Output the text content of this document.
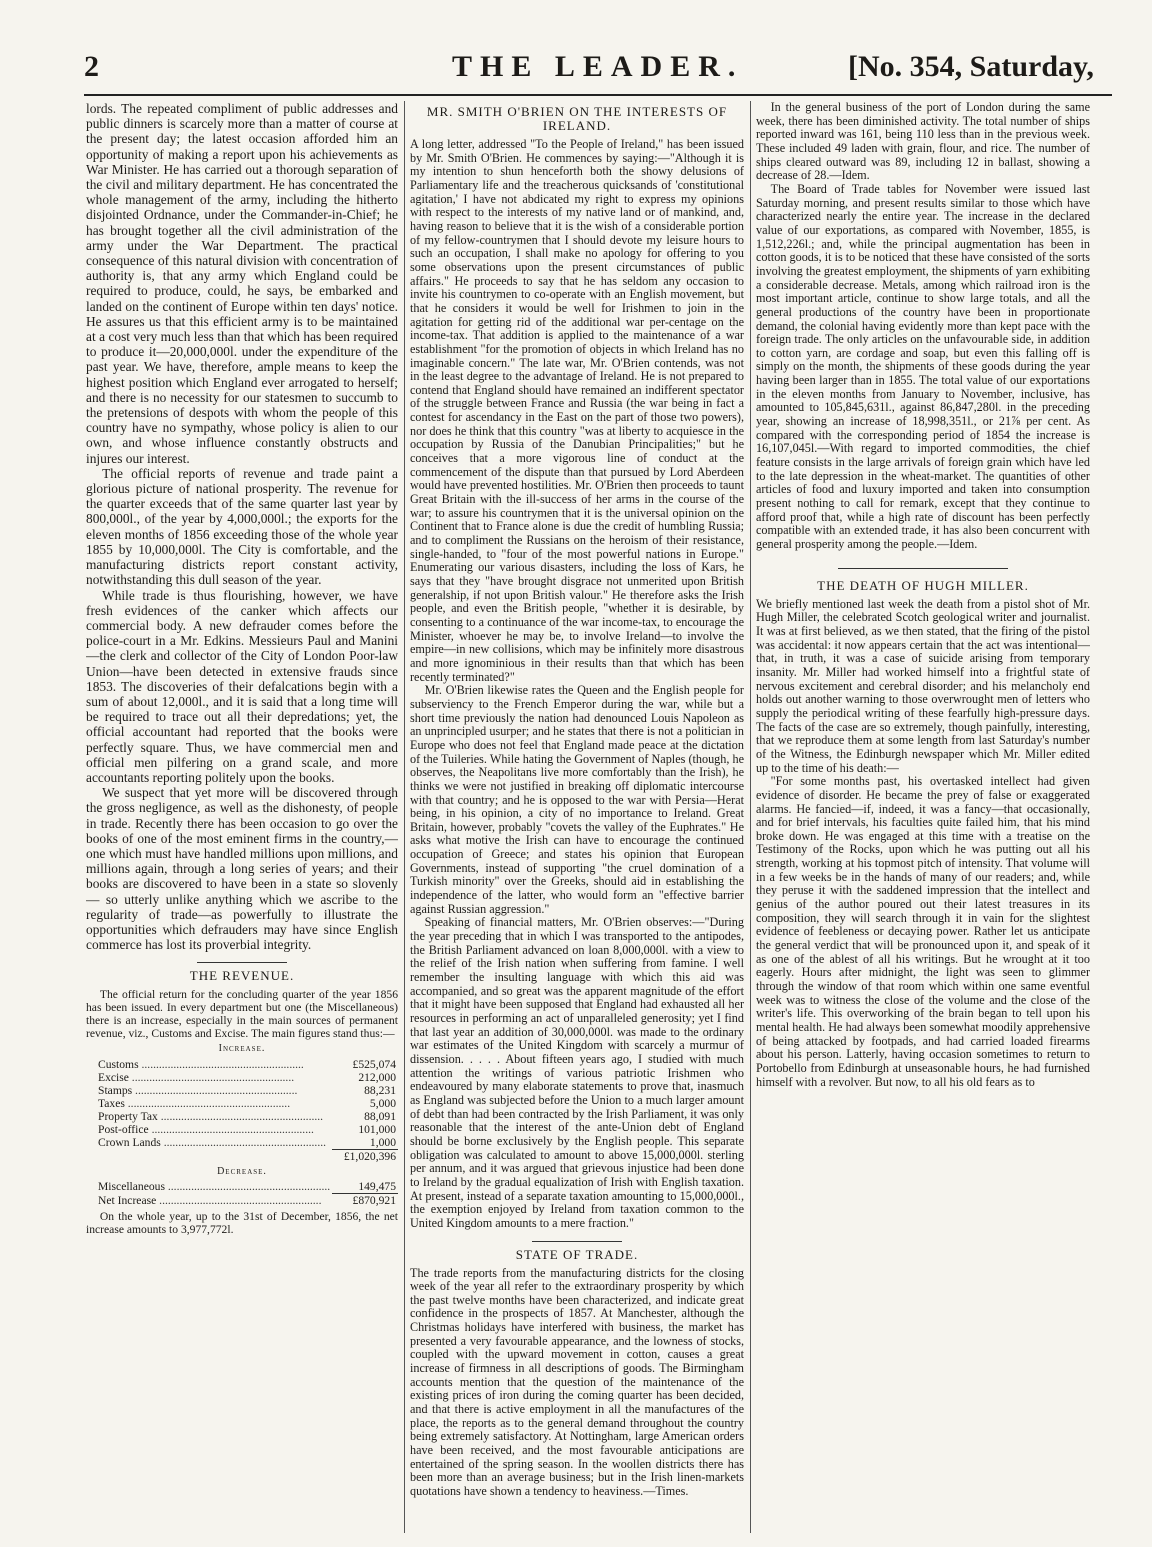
2	THE LEADER.	[No. 354, Saturday,

lords. The repeated compliment of public addresses and public dinners is scarcely more than a matter of course at the present day; the latest occasion afforded him an opportunity of making a report upon his achievements as War Minister. He has carried out a thorough separation of the civil and military department. He has concentrated the whole management of the army, including the hitherto disjointed Ordnance, under the Commander-in-Chief; he has brought together all the civil administration of the army under the War Department. The practical consequence of this natural division with concentration of authority is, that any army which England could be required to produce, could, he says, be embarked and landed on the continent of Europe within ten days' notice. He assures us that this efficient army is to be maintained at a cost very much less than that which has been required to produce it—20,000,000l. under the expenditure of the past year. We have, therefore, ample means to keep the highest position which England ever arrogated to herself; and there is no necessity for our statesmen to succumb to the pretensions of despots with whom the people of this country have no sympathy, whose policy is alien to our own, and whose influence constantly obstructs and injures our interest.

The official reports of revenue and trade paint a glorious picture of national prosperity. The revenue for the quarter exceeds that of the same quarter last year by 800,000l., of the year by 4,000,000l.; the exports for the eleven months of 1856 exceeding those of the whole year 1855 by 10,000,000l. The City is comfortable, and the manufacturing districts report constant activity, notwithstanding this dull season of the year.

While trade is thus flourishing, however, we have fresh evidences of the canker which affects our commercial body. A new defrauder comes before the police-court in a Mr. Edkins. Messieurs Paul and Manini—the clerk and collector of the City of London Poor-law Union—have been detected in extensive frauds since 1853. The discoveries of their defalcations begin with a sum of about 12,000l., and it is said that a long time will be required to trace out all their depredations; yet, the official accountant had reported that the books were perfectly square. Thus, we have commercial men and official men pilfering on a grand scale, and more accountants reporting politely upon the books.

We suspect that yet more will be discovered through the gross negligence, as well as the dishonesty, of people in trade. Recently there has been occasion to go over the books of one of the most eminent firms in the country,—one which must have handled millions upon millions, and millions again, through a long series of years; and their books are discovered to have been in a state so slovenly — so utterly unlike anything which we ascribe to the regularity of trade—as powerfully to illustrate the opportunities which defrauders may have since English commerce has lost its proverbial integrity.

THE REVENUE.

The official return for the concluding quarter of the year 1856 has been issued. In every department but one (the Miscellaneous) there is an increase, especially in the main sources of permanent revenue, viz., Customs and Excise. The main figures stand thus:—

Increase.
Customs .....	£525,074
Excise .....	212,000
Stamps .....	88,231
Taxes .....	5,000
Property Tax .....	88,091
Post-office .....	101,000
Crown Lands .....	1,000
	£1,020,396
Decrease.
Miscellaneous .....	149,475
Net Increase .....	£870,921

On the whole year, up to the 31st of December, 1856, the net increase amounts to 3,977,772l.

MR. SMITH O'BRIEN ON THE INTERESTS OF IRELAND.

A long letter, addressed "To the People of Ireland," has been issued by Mr. Smith O'Brien. He commences by saying:—"Although it is my intention to shun henceforth both the showy delusions of Parliamentary life and the treacherous quicksands of 'constitutional agitation,' I have not abdicated my right to express my opinions with respect to the interests of my native land or of mankind, and, having reason to believe that it is the wish of a considerable portion of my fellow-countrymen that I should devote my leisure hours to such an occupation, I shall make no apology for offering to you some observations upon the present circumstances of public affairs." He proceeds to say that he has seldom any occasion to invite his countrymen to co-operate with an English movement, but that he considers it would be well for Irishmen to join in the agitation for getting rid of the additional war per-centage on the income-tax. That addition is applied to the maintenance of a war establishment "for the promotion of objects in which Ireland has no imaginable concern." The late war, Mr. O'Brien contends, was not in the least degree to the advantage of Ireland. He is not prepared to contend that England should have remained an indifferent spectator of the struggle between France and Russia (the war being in fact a contest for ascendancy in the East on the part of those two powers), nor does he think that this country "was at liberty to acquiesce in the occupation by Russia of the Danubian Principalities;" but he conceives that a more vigorous line of conduct at the commencement of the dispute than that pursued by Lord Aberdeen would have prevented hostilities. Mr. O'Brien then proceeds to taunt Great Britain with the ill-success of her arms in the course of the war; to assure his countrymen that it is the universal opinion on the Continent that to France alone is due the credit of humbling Russia; and to compliment the Russians on the heroism of their resistance, single-handed, to "four of the most powerful nations in Europe." Enumerating our various disasters, including the loss of Kars, he says that they "have brought disgrace not unmerited upon British generalship, if not upon British valour." He therefore asks the Irish people, and even the British people, "whether it is desirable, by consenting to a continuance of the war income-tax, to encourage the Minister, whoever he may be, to involve Ireland—to involve the empire—in new collisions, which may be infinitely more disastrous and more ignominious in their results than that which has been recently terminated?"

Mr. O'Brien likewise rates the Queen and the English people for subserviency to the French Emperor during the war, while but a short time previously the nation had denounced Louis Napoleon as an unprincipled usurper; and he states that there is not a politician in Europe who does not feel that England made peace at the dictation of the Tuileries. While hating the Government of Naples (though, he observes, the Neapolitans live more comfortably than the Irish), he thinks we were not justified in breaking off diplomatic intercourse with that country; and he is opposed to the war with Persia—Herat being, in his opinion, a city of no importance to Ireland. Great Britain, however, probably "covets the valley of the Euphrates." He asks what motive the Irish can have to encourage the continued occupation of Greece; and states his opinion that European Governments, instead of supporting "the cruel domination of a Turkish minority" over the Greeks, should aid in establishing the independence of the latter, who would form an "effective barrier against Russian aggression."

Speaking of financial matters, Mr. O'Brien observes:—"During the year preceding that in which I was transported to the antipodes, the British Parliament advanced on loan 8,000,000l. with a view to the relief of the Irish nation when suffering from famine. I well remember the insulting language with which this aid was accompanied, and so great was the apparent magnitude of the effort that it might have been supposed that England had exhausted all her resources in performing an act of unparalleled generosity; yet I find that last year an addition of 30,000,000l. was made to the ordinary war estimates of the United Kingdom with scarcely a murmur of dissension. . . . . About fifteen years ago, I studied with much attention the writings of various patriotic Irishmen who endeavoured by many elaborate statements to prove that, inasmuch as England was subjected before the Union to a much larger amount of debt than had been contracted by the Irish Parliament, it was only reasonable that the interest of the ante-Union debt of England should be borne exclusively by the English people. This separate obligation was calculated to amount to above 15,000,000l. sterling per annum, and it was argued that grievous injustice had been done to Ireland by the gradual equalization of Irish with English taxation. At present, instead of a separate taxation amounting to 15,000,000l., the exemption enjoyed by Ireland from taxation common to the United Kingdom amounts to a mere fraction."

STATE OF TRADE.

The trade reports from the manufacturing districts for the closing week of the year all refer to the extraordinary prosperity by which the past twelve months have been characterized, and indicate great confidence in the prospects of 1857. At Manchester, although the Christmas holidays have interfered with business, the market has presented a very favourable appearance, and the lowness of stocks, coupled with the upward movement in cotton, causes a great increase of firmness in all descriptions of goods. The Birmingham accounts mention that the question of the maintenance of the existing prices of iron during the coming quarter has been decided, and that there is active employment in all the manufactures of the place, the reports as to the general demand throughout the country being extremely satisfactory. At Nottingham, large American orders have been received, and the most favourable anticipations are entertained of the spring season. In the woollen districts there has been more than an average business; but in the Irish linen-markets quotations have shown a tendency to heaviness.—Times.

In the general business of the port of London during the same week, there has been diminished activity. The total number of ships reported inward was 161, being 110 less than in the previous week. These included 49 laden with grain, flour, and rice. The number of ships cleared outward was 89, including 12 in ballast, showing a decrease of 28.—Idem.

The Board of Trade tables for November were issued last Saturday morning, and present results similar to those which have characterized nearly the entire year. The increase in the declared value of our exportations, as compared with November, 1855, is 1,512,226l.; and, while the principal augmentation has been in cotton goods, it is to be noticed that these have consisted of the sorts involving the greatest employment, the shipments of yarn exhibiting a considerable decrease. Metals, among which railroad iron is the most important article, continue to show large totals, and all the general productions of the country have been in proportionate demand, the colonial having evidently more than kept pace with the foreign trade. The only articles on the unfavourable side, in addition to cotton yarn, are cordage and soap, but even this falling off is simply on the month, the shipments of these goods during the year having been larger than in 1855. The total value of our exportations in the eleven months from January to November, inclusive, has amounted to 105,845,631l., against 86,847,280l. in the preceding year, showing an increase of 18,998,351l., or 21⅞ per cent. As compared with the corresponding period of 1854 the increase is 16,107,045l.—With regard to imported commodities, the chief feature consists in the large arrivals of foreign grain which have led to the late depression in the wheat-market. The quantities of other articles of food and luxury imported and taken into consumption present nothing to call for remark, except that they continue to afford proof that, while a high rate of discount has been perfectly compatible with an extended trade, it has also been concurrent with general prosperity among the people.—Idem.

THE DEATH OF HUGH MILLER.

We briefly mentioned last week the death from a pistol shot of Mr. Hugh Miller, the celebrated Scotch geological writer and journalist. It was at first believed, as we then stated, that the firing of the pistol was accidental: it now appears certain that the act was intentional—that, in truth, it was a case of suicide arising from temporary insanity. Mr. Miller had worked himself into a frightful state of nervous excitement and cerebral disorder; and his melancholy end holds out another warning to those overwrought men of letters who supply the periodical writing of these fearfully high-pressure days. The facts of the case are so extremely, though painfully, interesting, that we reproduce them at some length from last Saturday's number of the Witness, the Edinburgh newspaper which Mr. Miller edited up to the time of his death:—

"For some months past, his overtasked intellect had given evidence of disorder. He became the prey of false or exaggerated alarms. He fancied—if, indeed, it was a fancy—that occasionally, and for brief intervals, his faculties quite failed him, that his mind broke down. He was engaged at this time with a treatise on the Testimony of the Rocks, upon which he was putting out all his strength, working at his topmost pitch of intensity. That volume will in a few weeks be in the hands of many of our readers; and, while they peruse it with the saddened impression that the intellect and genius of the author poured out their latest treasures in its composition, they will search through it in vain for the slightest evidence of feebleness or decaying power. Rather let us anticipate the general verdict that will be pronounced upon it, and speak of it as one of the ablest of all his writings. But he wrought at it too eagerly. Hours after midnight, the light was seen to glimmer through the window of that room which within one same eventful week was to witness the close of the volume and the close of the writer's life. This overworking of the brain began to tell upon his mental health. He had always been somewhat moodily apprehensive of being attacked by footpads, and had carried loaded firearms about his person. Latterly, having occasion sometimes to return to Portobello from Edinburgh at unseasonable hours, he had furnished himself with a revolver. But now, to all his old fears as to
